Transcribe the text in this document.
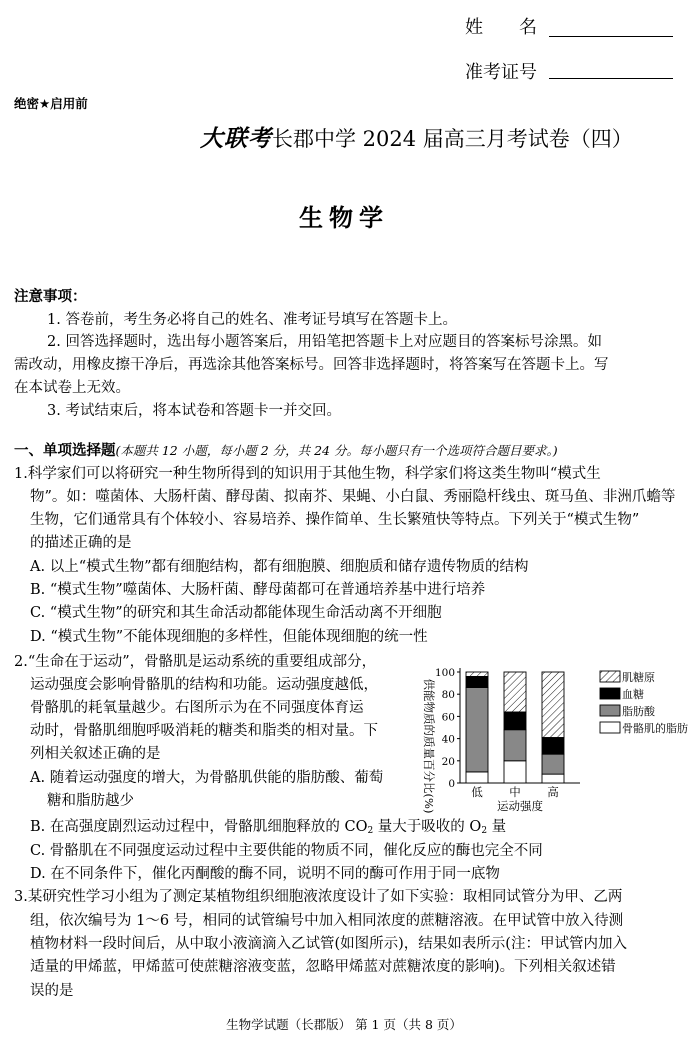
姓　　名
准考证号
绝密★启用前
大联考长郡中学 2024 届高三月考试卷（四）
生物学
注意事项：
1. 答卷前，考生务必将自己的姓名、准考证号填写在答题卡上。
2. 回答选择题时，选出每小题答案后，用铅笔把答题卡上对应题目的答案标号涂黑。如
需改动，用橡皮擦干净后，再选涂其他答案标号。回答非选择题时，将答案写在答题卡上。写
在本试卷上无效。
3. 考试结束后，将本试卷和答题卡一并交回。
一、单项选择题(本题共 12 小题，每小题 2 分，共 24 分。每小题只有一个选项符合题目要求。)
1.科学家们可以将研究一种生物所得到的知识用于其他生物，科学家们将这类生物叫“模式生
物”。如：噬菌体、大肠杆菌、酵母菌、拟南芥、果蝇、小白鼠、秀丽隐杆线虫、斑马鱼、非洲爪蟾等
生物，它们通常具有个体较小、容易培养、操作简单、生长繁殖快等特点。下列关于“模式生物”
的描述正确的是
A. 以上“模式生物”都有细胞结构，都有细胞膜、细胞质和储存遗传物质的结构
B. “模式生物”噬菌体、大肠杆菌、酵母菌都可在普通培养基中进行培养
C. “模式生物”的研究和其生命活动都能体现生命活动离不开细胞
D. “模式生物”不能体现细胞的多样性，但能体现细胞的统一性
2.“生命在于运动”，骨骼肌是运动系统的重要组成部分，
运动强度会影响骨骼肌的结构和功能。运动强度越低，
骨骼肌的耗氧量越少。右图所示为在不同强度体育运
动时，骨骼肌细胞呼吸消耗的糖类和脂类的相对量。下
列相关叙述正确的是
A. 随着运动强度的增大，为骨骼肌供能的脂肪酸、葡萄
糖和脂肪越少
B. 在高强度剧烈运动过程中，骨骼肌细胞释放的 $CO_2$ 量大于吸收的 $O_2$ 量
C. 骨骼肌在不同强度运动过程中主要供能的物质不同，催化反应的酶也完全不同
D. 在不同条件下，催化丙酮酸的酶不同，说明不同的酶可作用于同一底物
0
20
40
60
80
100
低 中 高
肌糖原
血糖
脂肪酸
骨骼肌的脂肪
供能物质的质量百分比(%)	运动强度
3.某研究性学习小组为了测定某植物组织细胞液浓度设计了如下实验：取相同试管分为甲、乙两
组，依次编号为 1～6 号，相同的试管编号中加入相同浓度的蔗糖溶液。在甲试管中放入待测
植物材料一段时间后，从中取小液滴滴入乙试管(如图所示)，结果如表所示(注：甲试管内加入
适量的甲烯蓝，甲烯蓝可使蔗糖溶液变蓝，忽略甲烯蓝对蔗糖浓度的影响)。下列相关叙述错
误的是
生物学试题（长郡版） 第 1 页（共 8 页）
